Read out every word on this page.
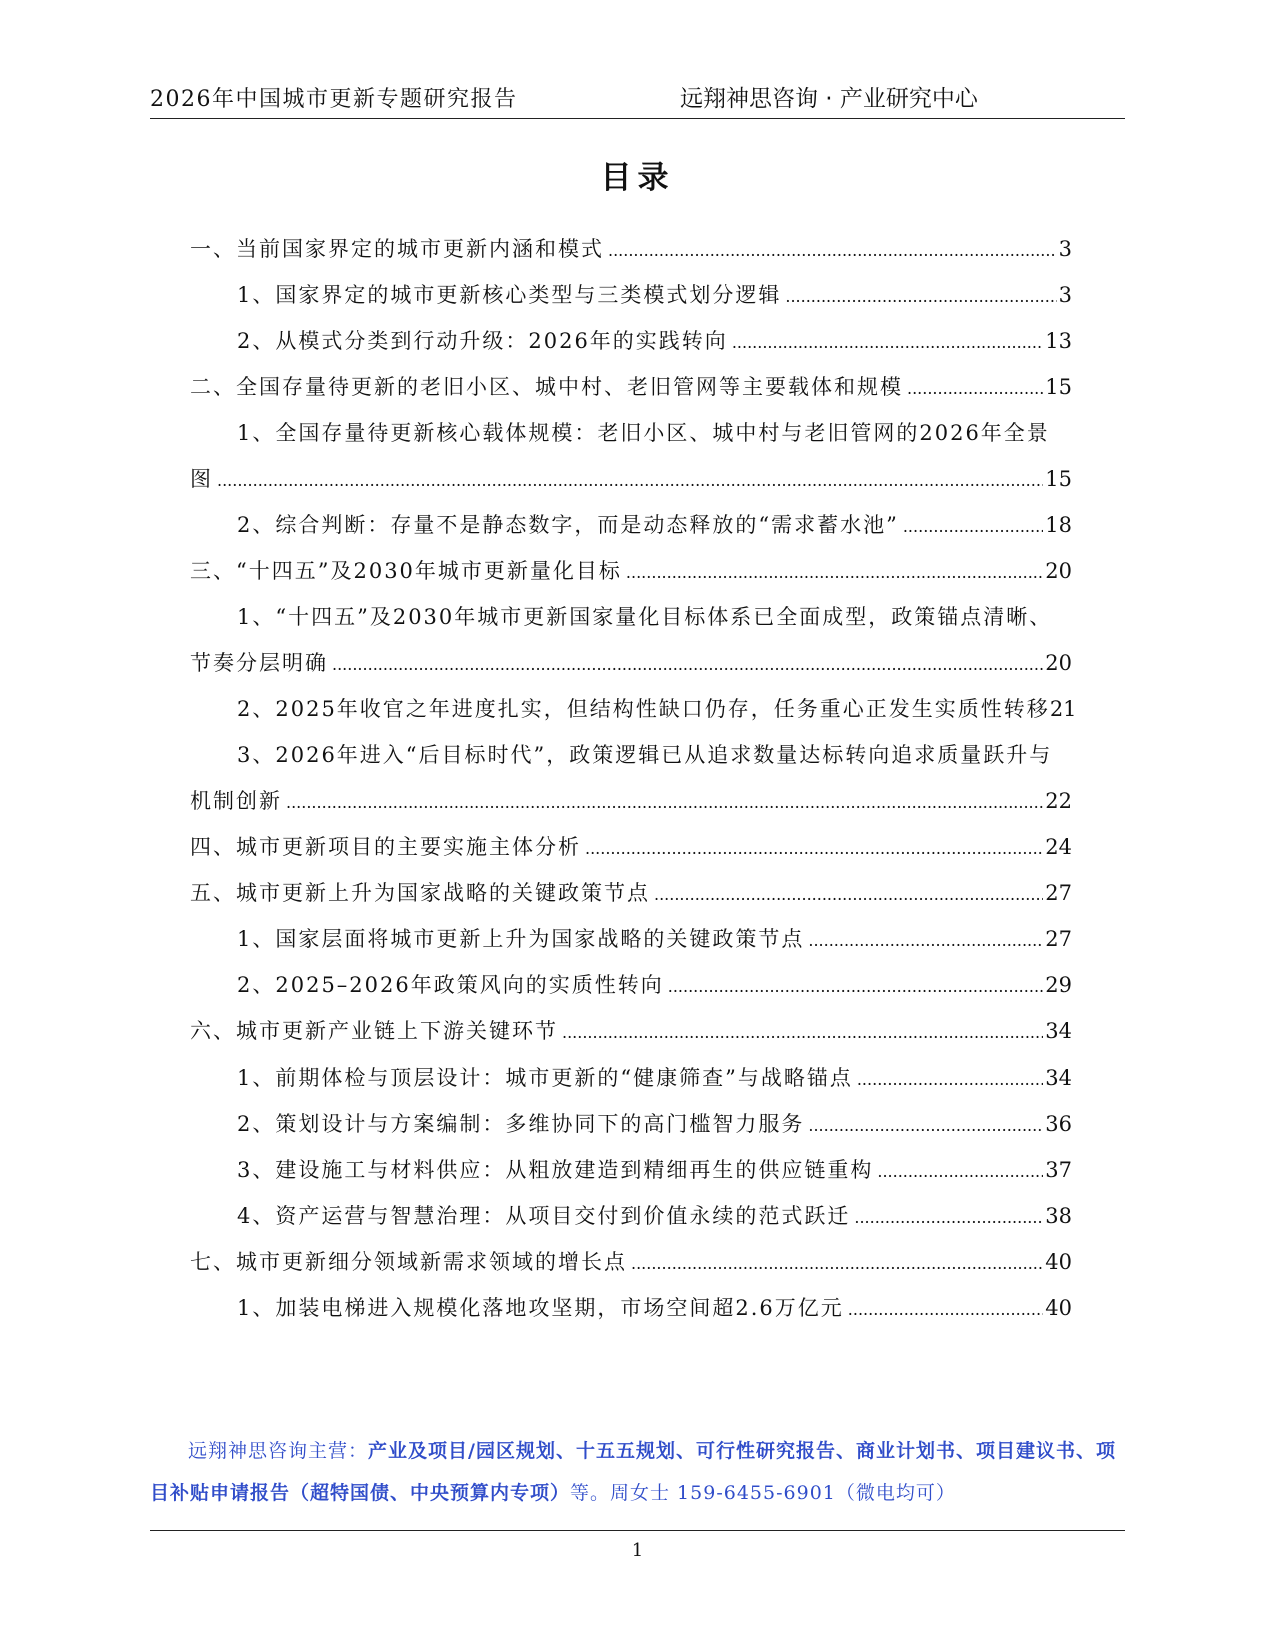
2026年中国城市更新专题研究报告	远翔神思咨询 · 产业研究中心
目录
一、当前国家界定的城市更新内涵和模式 .....	3
1、国家界定的城市更新核心类型与三类模式划分逻辑 .....	3
2、从模式分类到行动升级：2026年的实践转向 .....	13
二、全国存量待更新的老旧小区、城中村、老旧管网等主要载体和规模 .....	15
1、全国存量待更新核心载体规模：老旧小区、城中村与老旧管网的2026年全景
图 .....	15
2、综合判断：存量不是静态数字，而是动态释放的“需求蓄水池” .....	18
三、“十四五”及2030年城市更新量化目标 .....	20
1、“十四五”及2030年城市更新国家量化目标体系已全面成型，政策锚点清晰、
节奏分层明确 .....	20
2、2025年收官之年进度扎实，但结构性缺口仍存，任务重心正发生实质性转移 21
3、2026年进入“后目标时代”，政策逻辑已从追求数量达标转向追求质量跃升与
机制创新 .....	22
四、城市更新项目的主要实施主体分析 .....	24
五、城市更新上升为国家战略的关键政策节点 .....	27
1、国家层面将城市更新上升为国家战略的关键政策节点 .....	27
2、2025–2026年政策风向的实质性转向 .....	29
六、城市更新产业链上下游关键环节 .....	34
1、前期体检与顶层设计：城市更新的“健康筛查”与战略锚点 .....	34
2、策划设计与方案编制：多维协同下的高门槛智力服务 .....	36
3、建设施工与材料供应：从粗放建造到精细再生的供应链重构 .....	37
4、资产运营与智慧治理：从项目交付到价值永续的范式跃迁 .....	38
七、城市更新细分领域新需求领域的增长点 .....	40
1、加装电梯进入规模化落地攻坚期，市场空间超2.6万亿元 .....	40
远翔神思咨询主营：产业及项目/园区规划、十五五规划、可行性研究报告、商业计划书、项目建议书、项目补贴申请报告（超特国债、中央预算内专项）等。周女士 159-6455-6901（微电均可）
1
